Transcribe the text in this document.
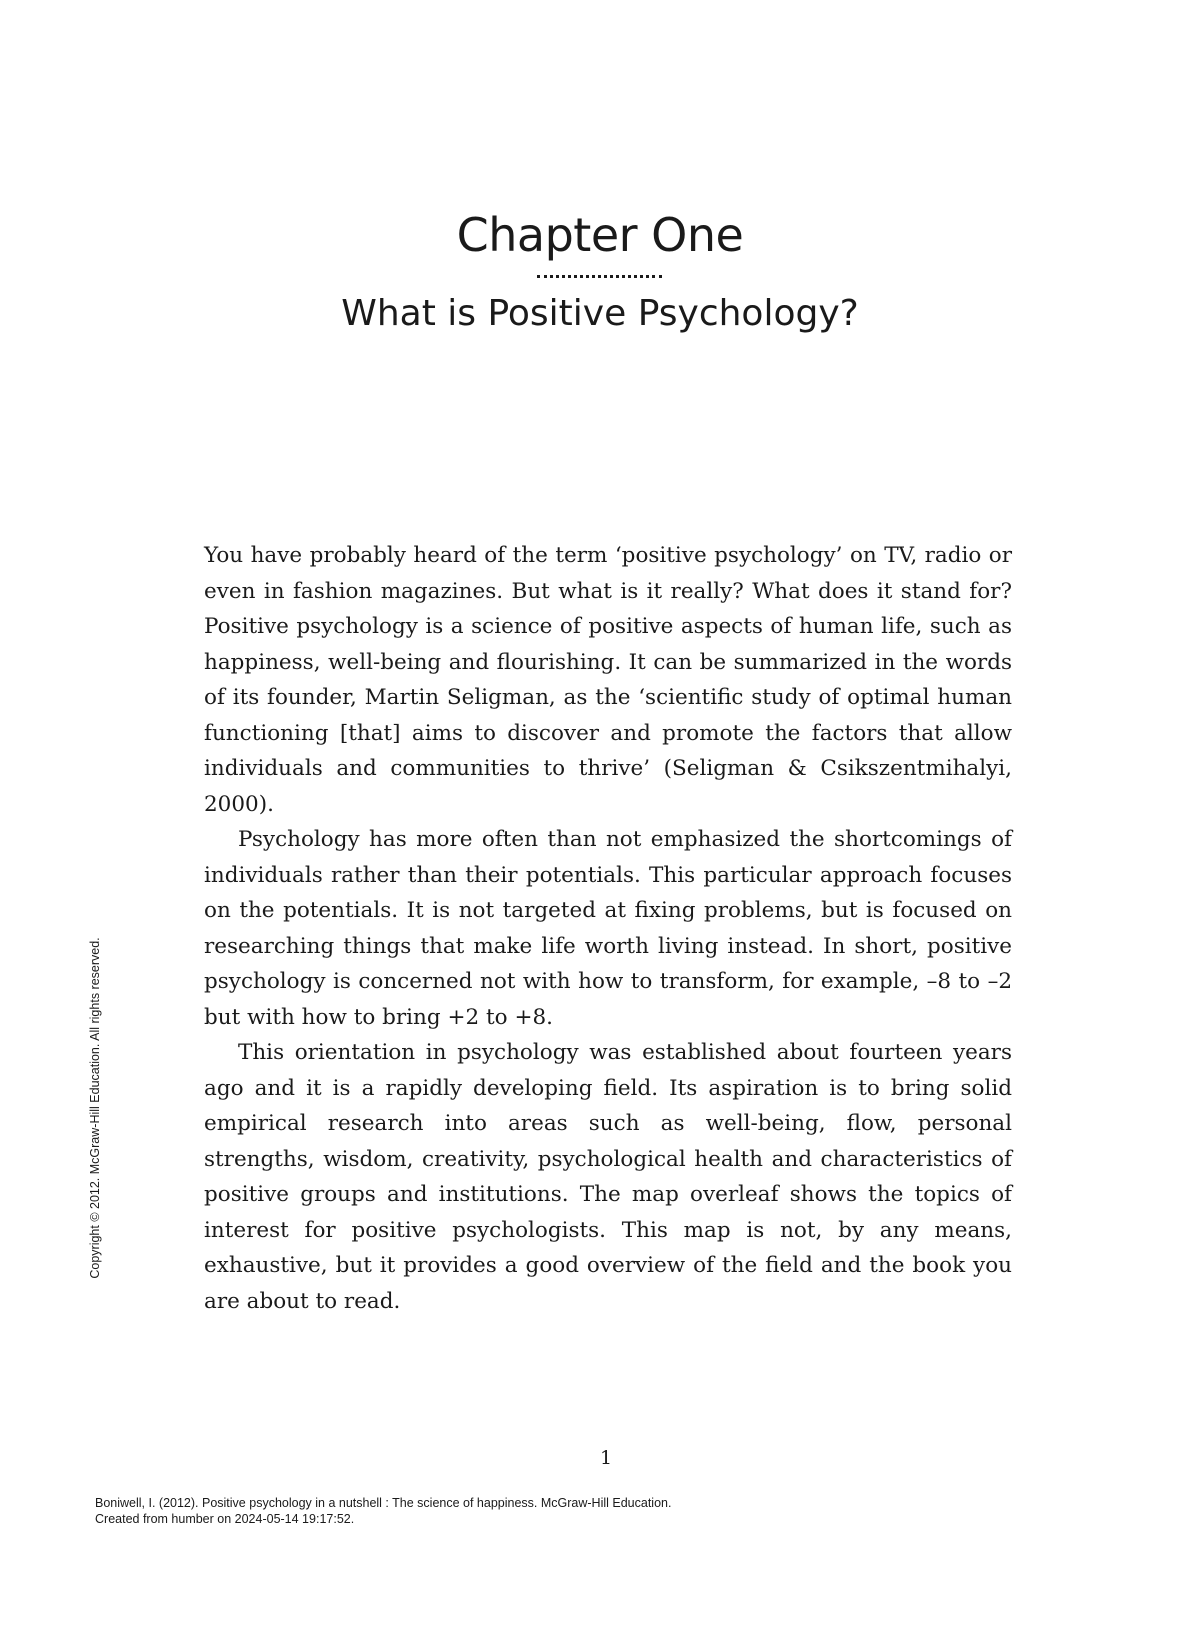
Chapter One
What is Positive Psychology?

You have probably heard of the term ‘positive psychology’ on TV, radio or even in fashion magazines. But what is it really? What does it stand for? Positive psychology is a science of positive aspects of human life, such as happiness, well-being and flourishing. It can be summarized in the words of its founder, Martin Seligman, as the ‘scientific study of optimal human functioning [that] aims to discover and promote the factors that allow individuals and communities to thrive’ (Seligman & Csikszentmihalyi, 2000).

Psychology has more often than not emphasized the shortcomings of individuals rather than their potentials. This particular approach focuses on the potentials. It is not targeted at fixing problems, but is focused on researching things that make life worth living instead. In short, positive psychology is concerned not with how to transform, for example, –8 to –2 but with how to bring +2 to +8.

This orientation in psychology was established about fourteen years ago and it is a rapidly developing field. Its aspiration is to bring solid empirical research into areas such as well-being, flow, personal strengths, wisdom, creativity, psychological health and characteristics of positive groups and institutions. The map overleaf shows the topics of interest for positive psychologists. This map is not, by any means, exhaustive, but it provides a good overview of the field and the book you are about to read.

Copyright © 2012. McGraw-Hill Education. All rights reserved.
1
Boniwell, I. (2012). Positive psychology in a nutshell : The science of happiness. McGraw-Hill Education.
Created from humber on 2024-05-14 19:17:52.
